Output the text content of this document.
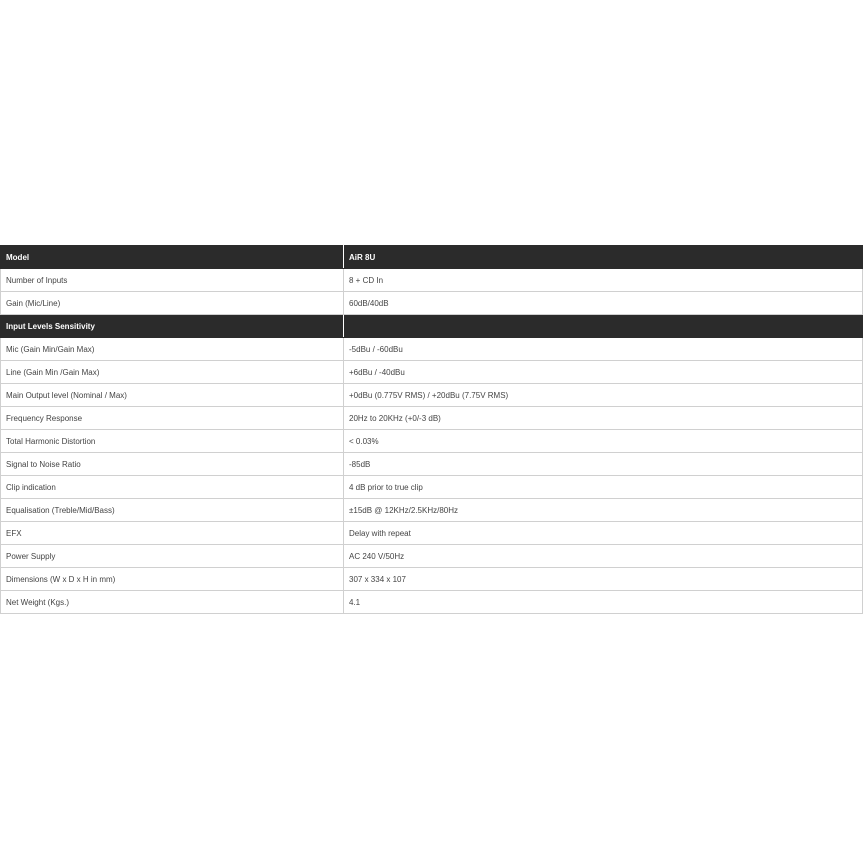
Model	AiR 8U
Number of Inputs	8 + CD In
Gain (Mic/Line)	60dB/40dB
Input Levels Sensitivity	
Mic (Gain Min/Gain Max)	-5dBu / -60dBu
Line (Gain Min /Gain Max)	+6dBu / -40dBu
Main Output level (Nominal / Max)	+0dBu (0.775V RMS) / +20dBu (7.75V RMS)
Frequency Response	20Hz to 20KHz (+0/-3 dB)
Total Harmonic Distortion	< 0.03%
Signal to Noise Ratio	-85dB
Clip indication	4 dB prior to true clip
Equalisation (Treble/Mid/Bass)	±15dB @ 12KHz/2.5KHz/80Hz
EFX	Delay with repeat
Power Supply	AC 240 V/50Hz
Dimensions (W x D x H in mm)	307 x 334 x 107
Net Weight (Kgs.)	4.1
